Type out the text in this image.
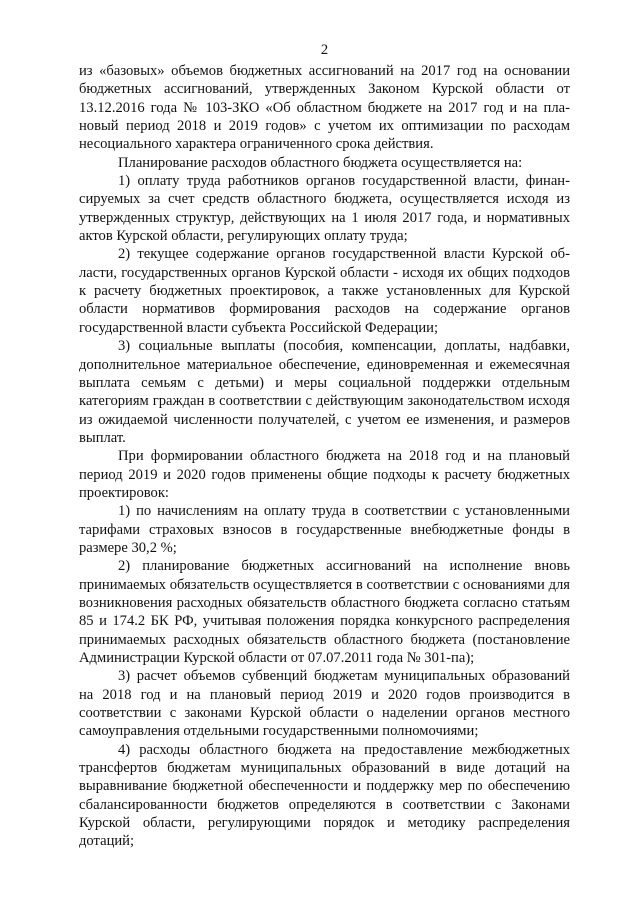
2

из «базовых» объемов бюджетных ассигнований на 2017 год на основании бюджетных ассигнований, утвержденных Законом Курской области от 13.12.2016 года № 103-ЗКО «Об областном бюджете на 2017 год и на плановый период 2018 и 2019 годов» с учетом их оптимизации по расходам несоциального характера ограниченного срока действия.

Планирование расходов областного бюджета осуществляется на:

1) оплату труда работников органов государственной власти, финансируемых за счет средств областного бюджета, осуществляется исходя из утвержденных структур, действующих на 1 июля 2017 года, и нормативных актов Курской области, регулирующих оплату труда;

2) текущее содержание органов государственной власти Курской области, государственных органов Курской области - исходя их общих подходов к расчету бюджетных проектировок, а также установленных для Курской области нормативов формирования расходов на содержание органов государственной власти субъекта Российской Федерации;

3) социальные выплаты (пособия, компенсации, доплаты, надбавки, дополнительное материальное обеспечение, единовременная и ежемесячная выплата семьям с детьми) и меры социальной поддержки отдельным категориям граждан в соответствии с действующим законодательством исходя из ожидаемой численности получателей, с учетом ее изменения, и размеров выплат.

При формировании областного бюджета на 2018 год и на плановый период 2019 и 2020 годов применены общие подходы к расчету бюджетных проектировок:

1) по начислениям на оплату труда в соответствии с установленными тарифами страховых взносов в государственные внебюджетные фонды в размере 30,2 %;

2) планирование бюджетных ассигнований на исполнение вновь принимаемых обязательств осуществляется в соответствии с основаниями для возникновения расходных обязательств областного бюджета согласно статьям 85 и 174.2 БК РФ, учитывая положения порядка конкурсного распределения принимаемых расходных обязательств областного бюджета (постановление Администрации Курской области от 07.07.2011 года № 301-па);

3) расчет объемов субвенций бюджетам муниципальных образований на 2018 год и на плановый период 2019 и 2020 годов производится в соответствии с законами Курской области о наделении органов местного самоуправления отдельными государственными полномочиями;

4) расходы областного бюджета на предоставление межбюджетных трансфертов бюджетам муниципальных образований в виде дотаций на выравнивание бюджетной обеспеченности и поддержку мер по обеспечению сбалансированности бюджетов определяются в соответствии с Законами Курской области, регулирующими порядок и методику распределения дотаций;
